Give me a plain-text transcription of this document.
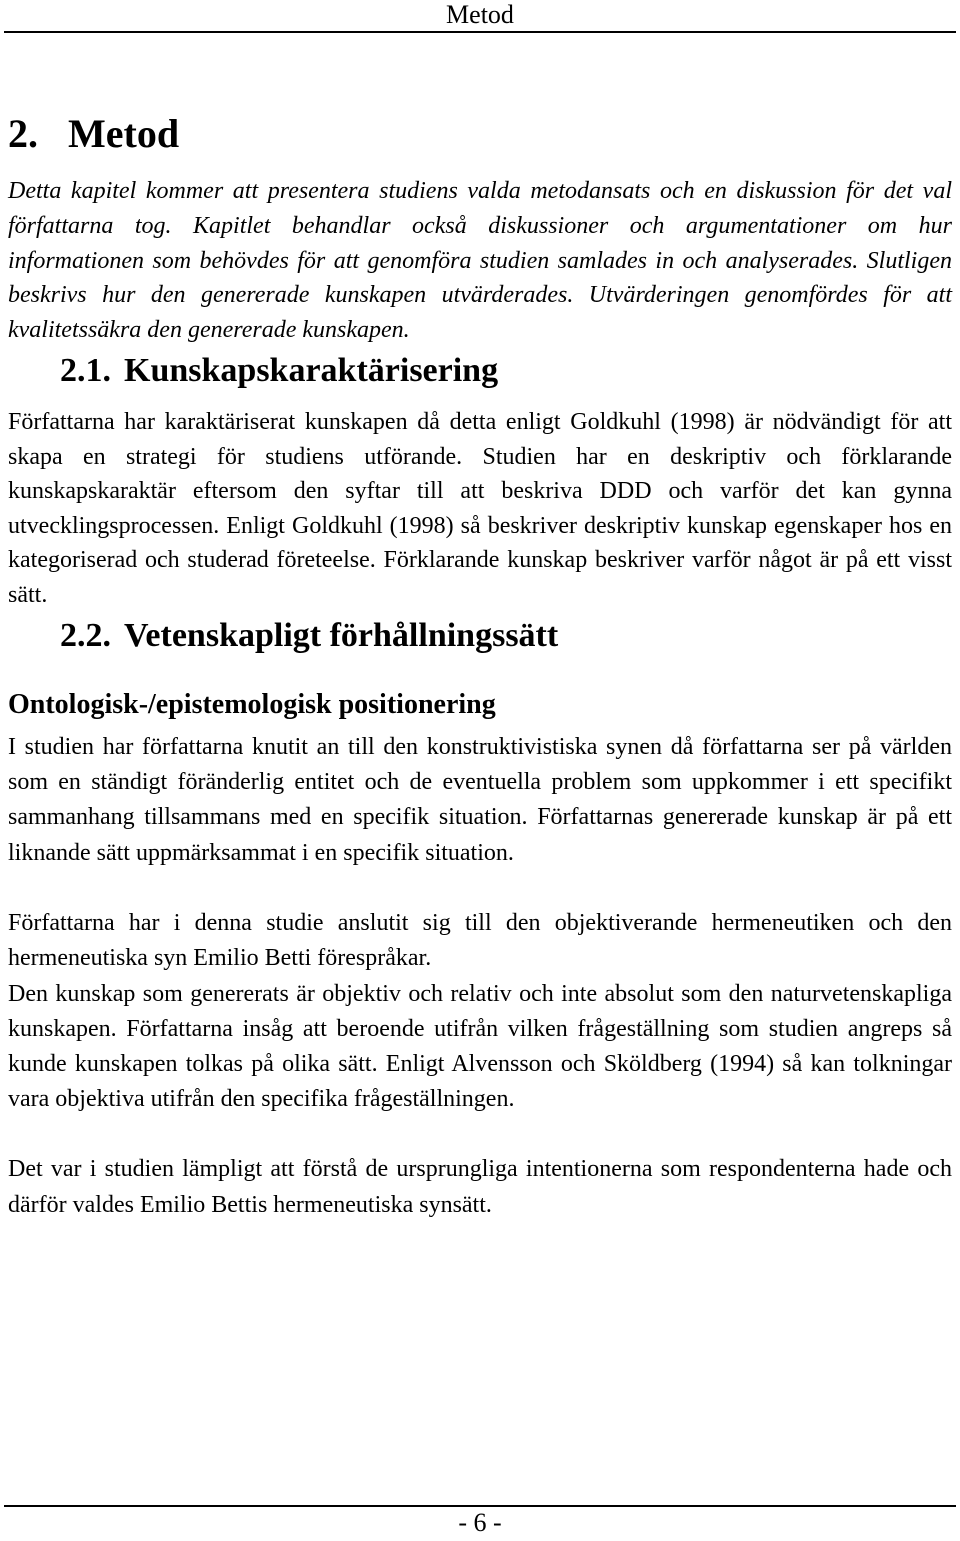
Metod
2. Metod

Detta kapitel kommer att presentera studiens valda metodansats och en diskussion för det val författarna tog. Kapitlet behandlar också diskussioner och argumentationer om hur informationen som behövdes för att genomföra studien samlades in och analyserades. Slutligen beskrivs hur den genererade kunskapen utvärderades. Utvärderingen genomfördes för att kvalitetssäkra den genererade kunskapen.

2.1. Kunskapskaraktärisering

Författarna har karaktäriserat kunskapen då detta enligt Goldkuhl (1998) är nödvändigt för att skapa en strategi för studiens utförande. Studien har en deskriptiv och förklarande kunskapskaraktär eftersom den syftar till att beskriva DDD och varför det kan gynna utvecklingsprocessen. Enligt Goldkuhl (1998) så beskriver deskriptiv kunskap egenskaper hos en kategoriserad och studerad företeelse. Förklarande kunskap beskriver varför något är på ett visst sätt.

2.2. Vetenskapligt förhållningssätt
Ontologisk-/epistemologisk positionering

I studien har författarna knutit an till den konstruktivistiska synen då författarna ser på världen som en ständigt föränderlig entitet och de eventuella problem som uppkommer i ett specifikt sammanhang tillsammans med en specifik situation. Författarnas genererade kunskap är på ett liknande sätt uppmärksammat i en specifik situation.

Författarna har i denna studie anslutit sig till den objektiverande hermeneutiken och den hermeneutiska syn Emilio Betti förespråkar.

Den kunskap som genererats är objektiv och relativ och inte absolut som den naturvetenskapliga kunskapen. Författarna insåg att beroende utifrån vilken frågeställning som studien angreps så kunde kunskapen tolkas på olika sätt. Enligt Alvensson och Sköldberg (1994) så kan tolkningar vara objektiva utifrån den specifika frågeställningen.

Det var i studien lämpligt att förstå de ursprungliga intentionerna som respondenterna hade och därför valdes Emilio Bettis hermeneutiska synsätt.

- 6 -
